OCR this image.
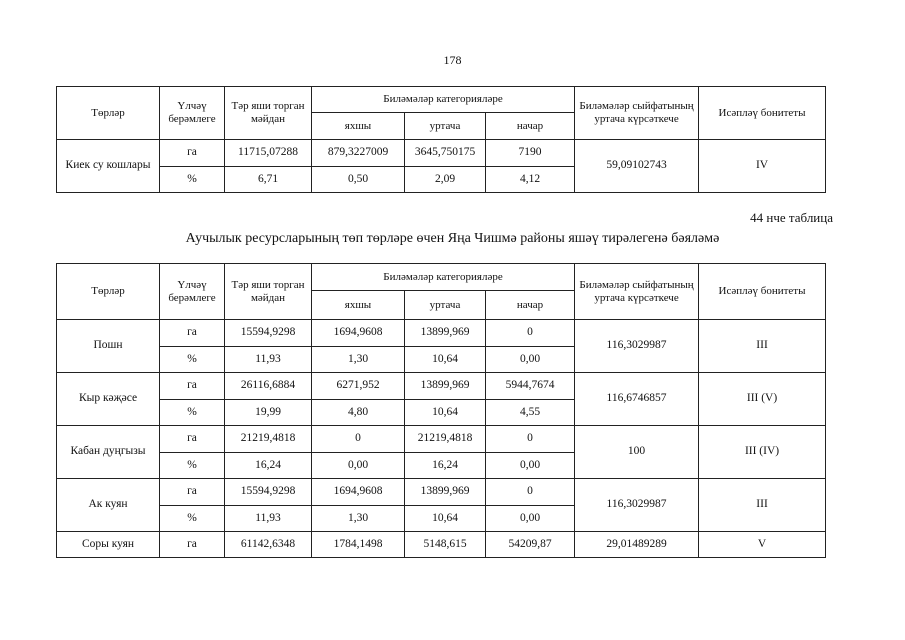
178
Төрләр	Үлчәү берәмлеге	Тәр яши торган мәйдан	Биләмәләр категорияләре			Биләмәләр сыйфатының уртача күрсәткече	Исәпләү бонитеты
			яхшы	уртача	начар		
Киек су кошлары	га	11715,07288	879,3227009	3645,750175	7190	59,09102743	IV
	%	6,71	0,50	2,09	4,12		
44 нче таблица
Аучылык ресурсларының төп төрләре өчен Яңа Чишмә районы яшәү тирәлегенә бәяләмә
Төрләр	Үлчәү берәмлеге	Тәр яши торган мәйдан	Биләмәләр категорияләре			Биләмәләр сыйфатының уртача күрсәткече	Исәпләү бонитеты
			яхшы	уртача	начар		
Пошн	га	15594,9298	1694,9608	13899,969	0	116,3029987	III
	%	11,93	1,30	10,64	0,00		
Кыр кәҗәсе	га	26116,6884	6271,952	13899,969	5944,7674	116,6746857	III (V)
	%	19,99	4,80	10,64	4,55		
Кабан дуңгызы	га	21219,4818	0	21219,4818	0	100	III (IV)
	%	16,24	0,00	16,24	0,00		
Ак куян	га	15594,9298	1694,9608	13899,969	0	116,3029987	III
	%	11,93	1,30	10,64	0,00		
Соры куян	га	61142,6348	1784,1498	5148,615	54209,87	29,01489289	V
